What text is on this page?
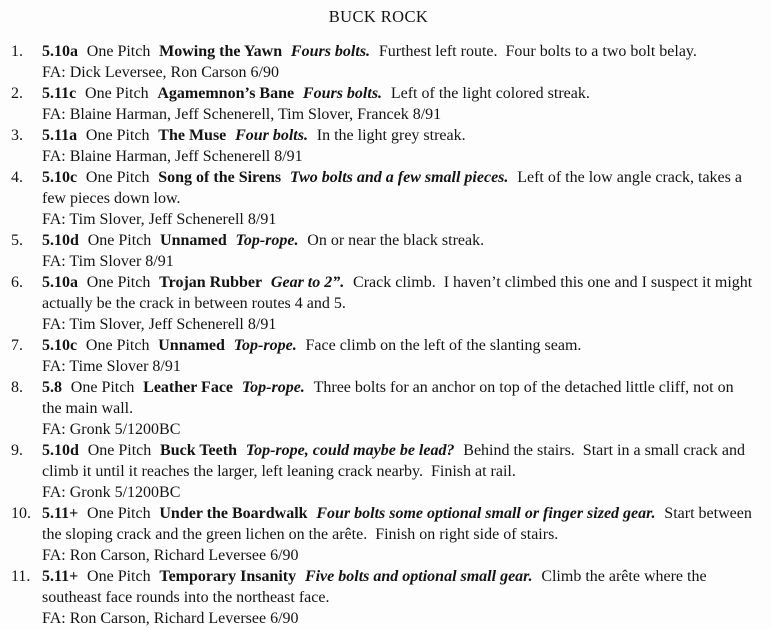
BUCK ROCK
1. 5.10a One Pitch Mowing the Yawn Fours bolts. Furthest left route.  Four bolts to a two bolt belay.

FA: Dick Leversee, Ron Carson 6/90

2. 5.11c One Pitch Agamemnon’s Bane Fours bolts. Left of the light colored streak.

FA: Blaine Harman, Jeff Schenerell, Tim Slover, Francek 8/91

3. 5.11a One Pitch The Muse Four bolts. In the light grey streak.

FA: Blaine Harman, Jeff Schenerell 8/91

4. 5.10c One Pitch Song of the Sirens Two bolts and a few small pieces. Left of the low angle crack, takes a few pieces down low.

FA: Tim Slover, Jeff Schenerell 8/91

5. 5.10d One Pitch Unnamed Top-rope. On or near the black streak.

FA: Tim Slover 8/91

6. 5.10a One Pitch Trojan Rubber Gear to 2”. Crack climb.  I haven’t climbed this one and I suspect it might actually be the crack in between routes 4 and 5.

FA: Tim Slover, Jeff Schenerell 8/91

7. 5.10c One Pitch Unnamed Top-rope. Face climb on the left of the slanting seam.

FA: Time Slover 8/91

8. 5.8 One Pitch Leather Face Top-rope. Three bolts for an anchor on top of the detached little cliff, not on the main wall.

FA: Gronk 5/1200BC

9. 5.10d One Pitch Buck Teeth Top-rope, could maybe be lead? Behind the stairs.  Start in a small crack and climb it until it reaches the larger, left leaning crack nearby.  Finish at rail.

FA: Gronk 5/1200BC

10. 5.11+ One Pitch Under the Boardwalk Four bolts some optional small or finger sized gear. Start between the sloping crack and the green lichen on the arête.  Finish on right side of stairs.

FA: Ron Carson, Richard Leversee 6/90

11. 5.11+ One Pitch Temporary Insanity Five bolts and optional small gear. Climb the arête where the southeast face rounds into the northeast face.

FA: Ron Carson, Richard Leversee 6/90
